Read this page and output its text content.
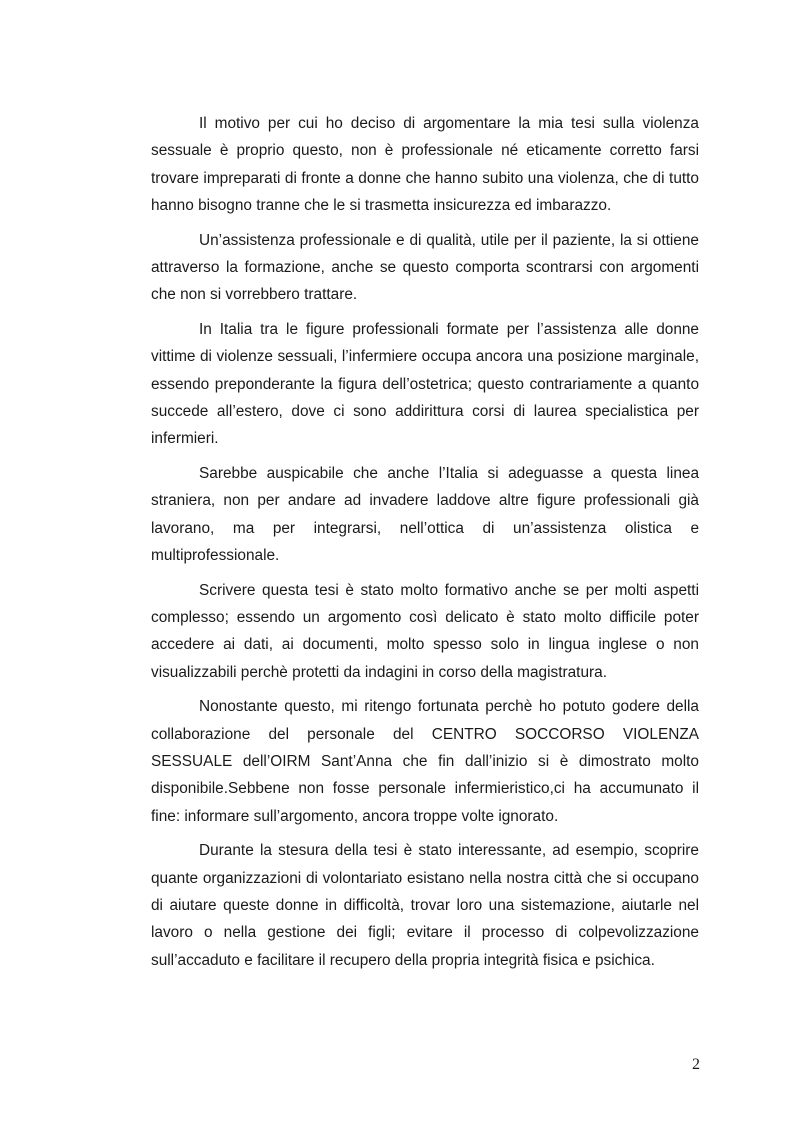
Il motivo per cui ho deciso di argomentare la mia tesi sulla violenza sessuale è proprio questo, non è professionale né eticamente corretto farsi trovare impreparati di fronte a donne che hanno subito una violenza, che di tutto hanno bisogno tranne che le si trasmetta insicurezza ed imbarazzo.

Un’assistenza professionale e di qualità, utile per il paziente, la si ottiene attraverso la formazione, anche se questo comporta scontrarsi con argomenti che non si vorrebbero trattare.

In Italia tra le figure professionali formate per l’assistenza alle donne vittime di violenze sessuali, l’infermiere occupa ancora una posizione marginale, essendo preponderante la figura dell’ostetrica; questo contrariamente a quanto succede all’estero, dove ci sono addirittura corsi di laurea specialistica per infermieri.

Sarebbe auspicabile che anche l’Italia si adeguasse a questa linea straniera, non per andare ad invadere laddove altre figure professionali già lavorano, ma per integrarsi, nell’ottica di un’assistenza olistica e multiprofessionale.

Scrivere questa tesi è stato molto formativo anche se per molti aspetti complesso; essendo un argomento così delicato è stato molto difficile poter accedere ai dati, ai documenti, molto spesso solo in lingua inglese o non visualizzabili perchè protetti da indagini in corso della magistratura.

Nonostante questo, mi ritengo fortunata perchè ho potuto godere della collaborazione del personale del CENTRO SOCCORSO VIOLENZA SESSUALE dell’OIRM Sant’Anna che fin dall’inizio si è dimostrato molto disponibile.Sebbene non fosse personale infermieristico,ci ha accumunato il fine: informare sull’argomento, ancora troppe volte ignorato.

Durante la stesura della tesi è stato interessante, ad esempio, scoprire quante organizzazioni di volontariato esistano nella nostra città che si occupano di aiutare queste donne in difficoltà, trovar loro una sistemazione, aiutarle nel lavoro o nella gestione dei figli; evitare il processo di colpevolizzazione sull’accaduto e facilitare il recupero della propria integrità fisica e psichica.

2
